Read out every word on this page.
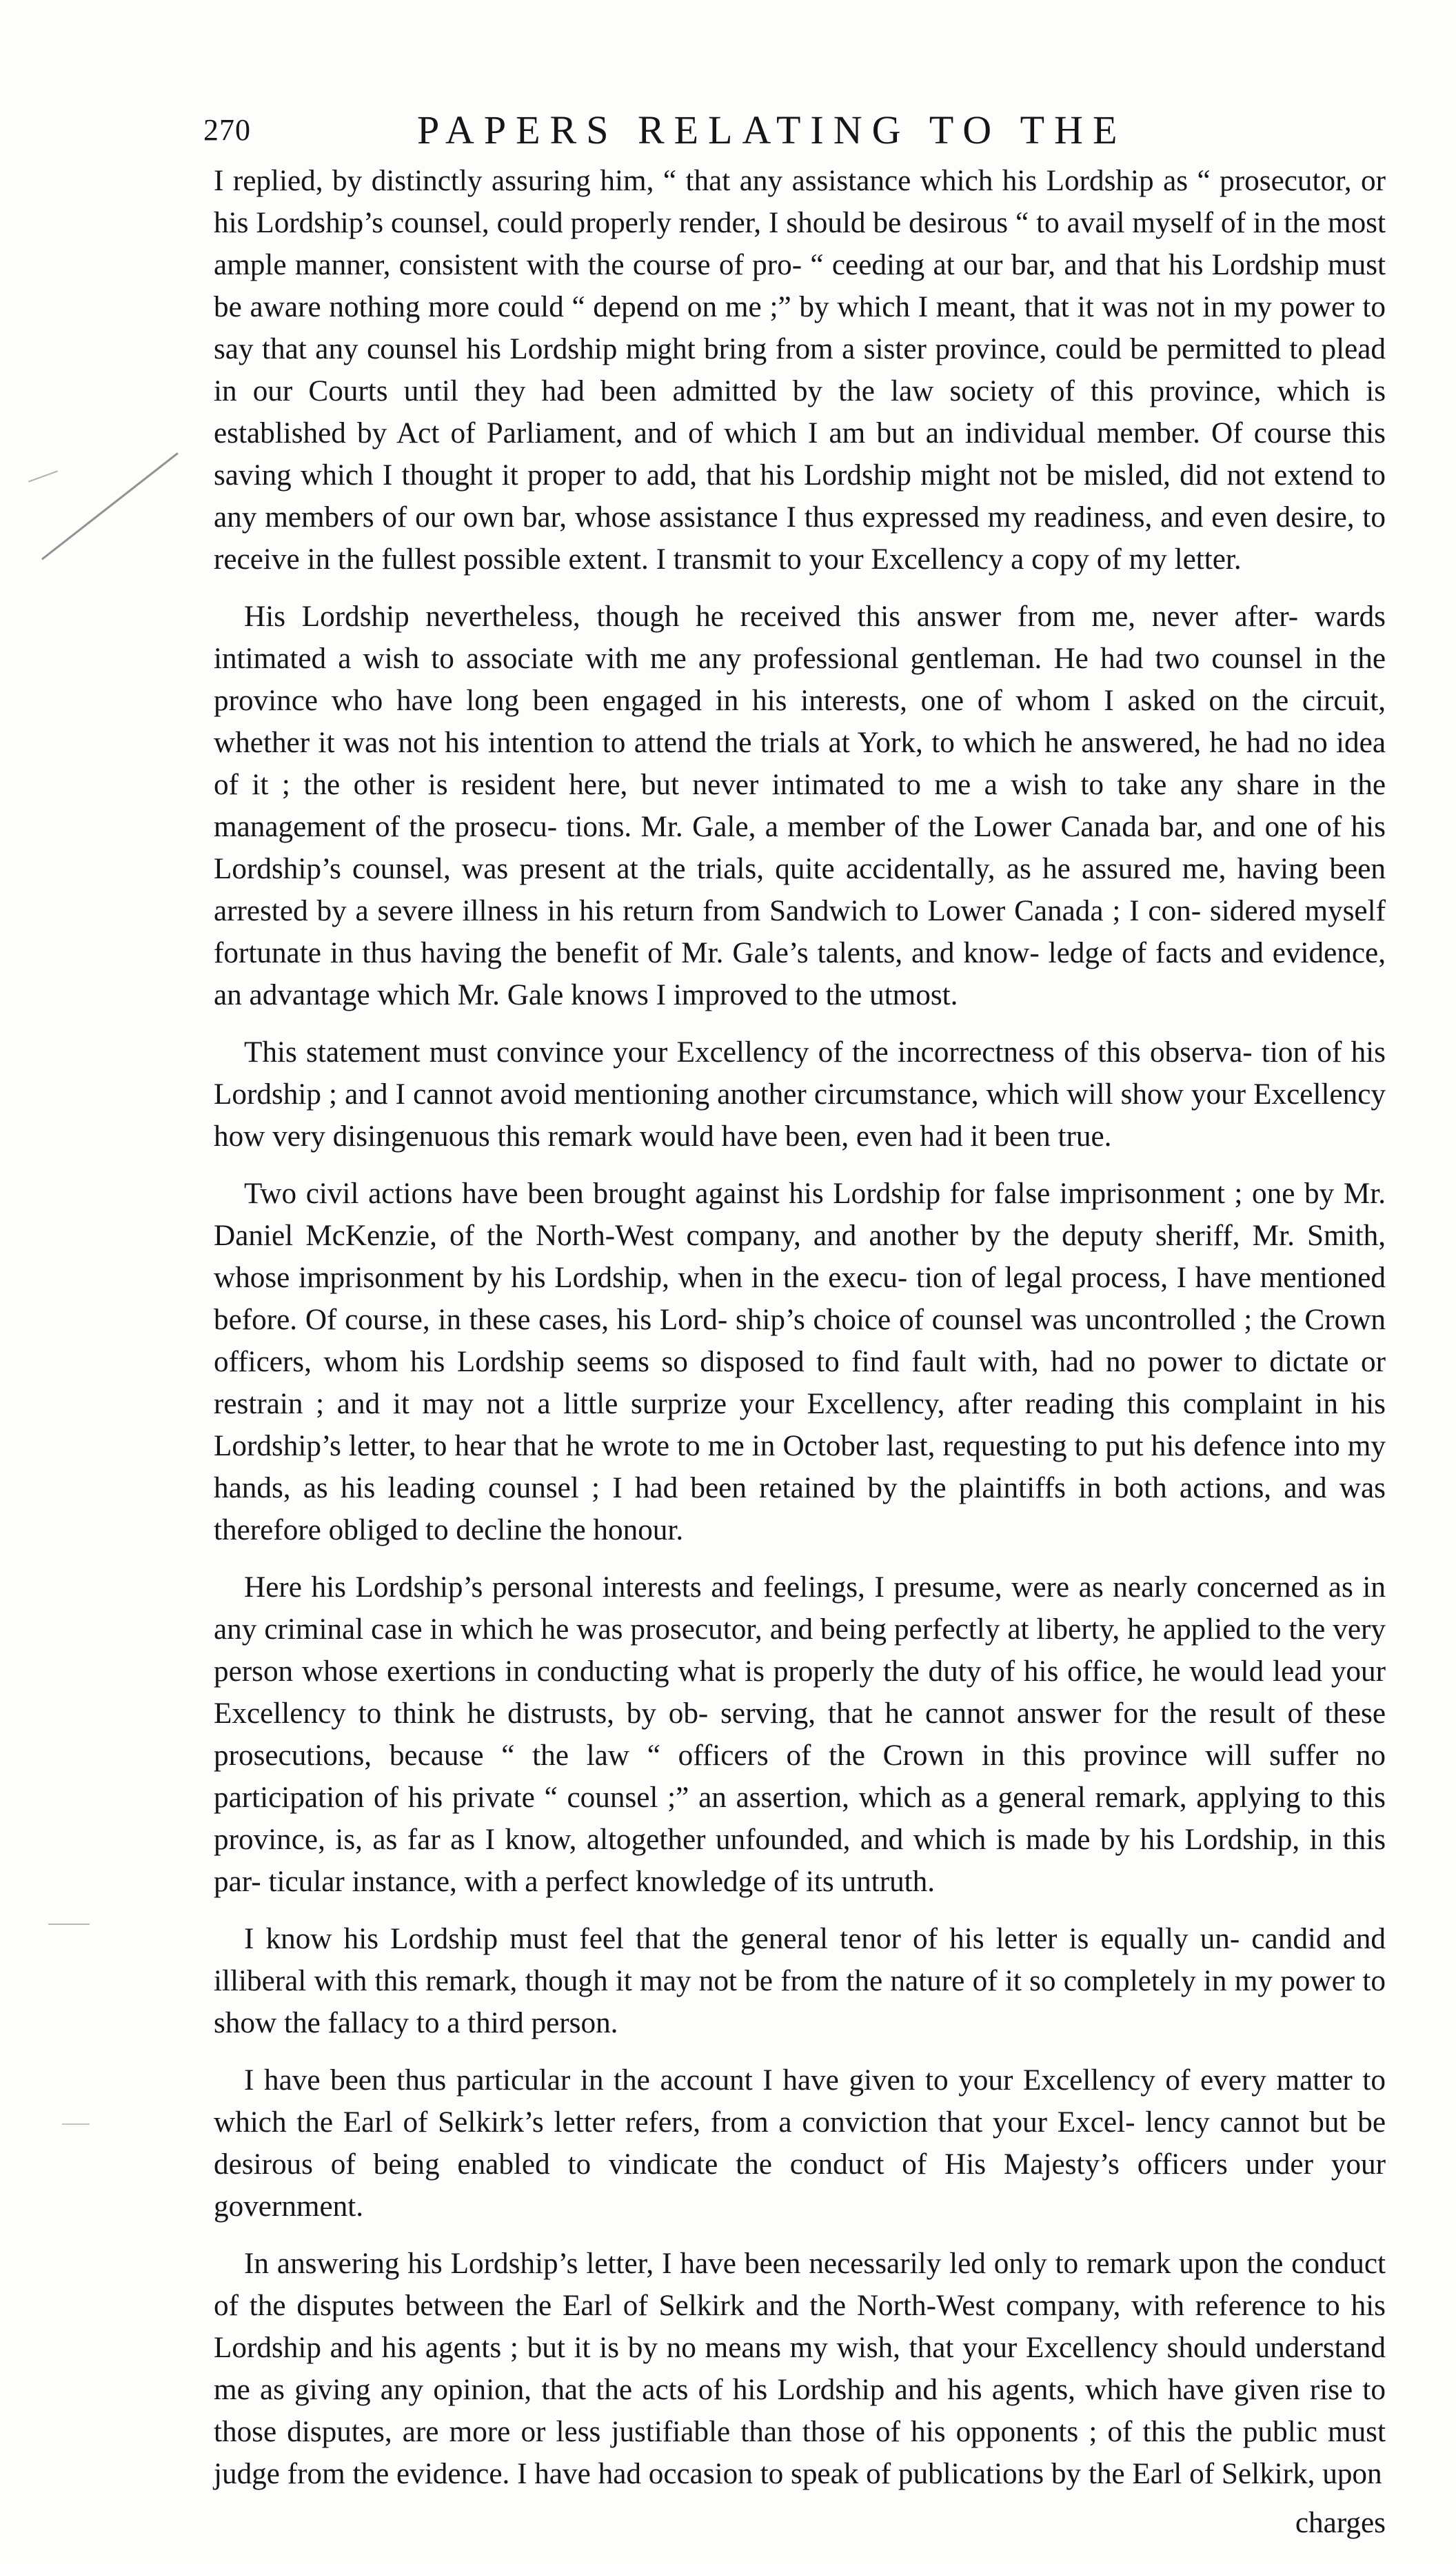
270	PAPERS RELATING TO THE

I replied, by distinctly assuring him, “ that any assistance which his Lordship as “ prosecutor, or his Lordship’s counsel, could properly render, I should be desirous “ to avail myself of in the most ample manner, consistent with the course of pro- “ ceeding at our bar, and that his Lordship must be aware nothing more could “ depend on me ;” by which I meant, that it was not in my power to say that any counsel his Lordship might bring from a sister province, could be permitted to plead in our Courts until they had been admitted by the law society of this province, which is established by Act of Parliament, and of which I am but an individual member. Of course this saving which I thought it proper to add, that his Lordship might not be misled, did not extend to any members of our own bar, whose assistance I thus expressed my readiness, and even desire, to receive in the fullest possible extent. I transmit to your Excellency a copy of my letter.

His Lordship nevertheless, though he received this answer from me, never after- wards intimated a wish to associate with me any professional gentleman. He had two counsel in the province who have long been engaged in his interests, one of whom I asked on the circuit, whether it was not his intention to attend the trials at York, to which he answered, he had no idea of it ; the other is resident here, but never intimated to me a wish to take any share in the management of the prosecu- tions. Mr. Gale, a member of the Lower Canada bar, and one of his Lordship’s counsel, was present at the trials, quite accidentally, as he assured me, having been arrested by a severe illness in his return from Sandwich to Lower Canada ; I con- sidered myself fortunate in thus having the benefit of Mr. Gale’s talents, and know- ledge of facts and evidence, an advantage which Mr. Gale knows I improved to the utmost.

This statement must convince your Excellency of the incorrectness of this observa- tion of his Lordship ; and I cannot avoid mentioning another circumstance, which will show your Excellency how very disingenuous this remark would have been, even had it been true.

Two civil actions have been brought against his Lordship for false imprisonment ; one by Mr. Daniel McKenzie, of the North-West company, and another by the deputy sheriff, Mr. Smith, whose imprisonment by his Lordship, when in the execu- tion of legal process, I have mentioned before. Of course, in these cases, his Lord- ship’s choice of counsel was uncontrolled ; the Crown officers, whom his Lordship seems so disposed to find fault with, had no power to dictate or restrain ; and it may not a little surprize your Excellency, after reading this complaint in his Lordship’s letter, to hear that he wrote to me in October last, requesting to put his defence into my hands, as his leading counsel ; I had been retained by the plaintiffs in both actions, and was therefore obliged to decline the honour.

Here his Lordship’s personal interests and feelings, I presume, were as nearly concerned as in any criminal case in which he was prosecutor, and being perfectly at liberty, he applied to the very person whose exertions in conducting what is properly the duty of his office, he would lead your Excellency to think he distrusts, by ob- serving, that he cannot answer for the result of these prosecutions, because “ the law “ officers of the Crown in this province will suffer no participation of his private “ counsel ;” an assertion, which as a general remark, applying to this province, is, as far as I know, altogether unfounded, and which is made by his Lordship, in this par- ticular instance, with a perfect knowledge of its untruth.

I know his Lordship must feel that the general tenor of his letter is equally un- candid and illiberal with this remark, though it may not be from the nature of it so completely in my power to show the fallacy to a third person.

I have been thus particular in the account I have given to your Excellency of every matter to which the Earl of Selkirk’s letter refers, from a conviction that your Excel- lency cannot but be desirous of being enabled to vindicate the conduct of His Majesty’s officers under your government.

In answering his Lordship’s letter, I have been necessarily led only to remark upon the conduct of the disputes between the Earl of Selkirk and the North-West company, with reference to his Lordship and his agents ; but it is by no means my wish, that your Excellency should understand me as giving any opinion, that the acts of his Lordship and his agents, which have given rise to those disputes, are more or less justifiable than those of his opponents ; of this the public must judge from the evidence. I have had occasion to speak of publications by the Earl of Selkirk, upon

charges
